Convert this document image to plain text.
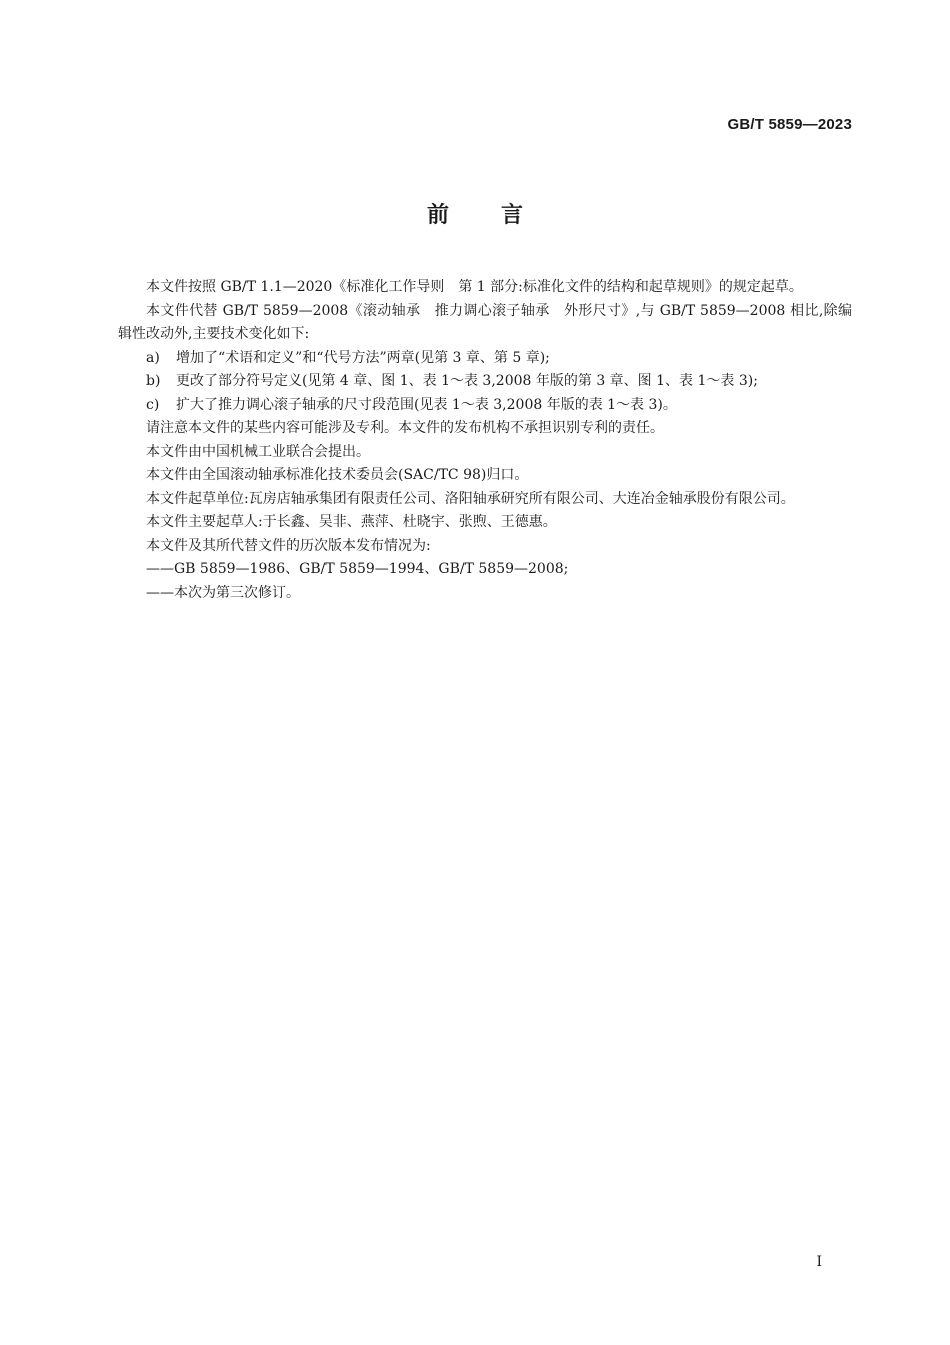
GB/T 5859—2023
前言

本文件按照 GB/T 1.1—2020《标准化工作导则　第 1 部分:标准化文件的结构和起草规则》的规定起草。

本文件代替 GB/T 5859—2008《滚动轴承　推力调心滚子轴承　外形尺寸》,与 GB/T 5859—2008 相比,除编辑性改动外,主要技术变化如下:

a) 增加了“术语和定义”和“代号方法”两章(见第 3 章、第 5 章);

b) 更改了部分符号定义(见第 4 章、图 1、表 1～表 3,2008 年版的第 3 章、图 1、表 1～表 3);

c) 扩大了推力调心滚子轴承的尺寸段范围(见表 1～表 3,2008 年版的表 1～表 3)。

请注意本文件的某些内容可能涉及专利。本文件的发布机构不承担识别专利的责任。

本文件由中国机械工业联合会提出。

本文件由全国滚动轴承标准化技术委员会(SAC/TC 98)归口。

本文件起草单位:瓦房店轴承集团有限责任公司、洛阳轴承研究所有限公司、大连冶金轴承股份有限公司。

本文件主要起草人:于长鑫、吴非、燕萍、杜晓宇、张煦、王德惠。

本文件及其所代替文件的历次版本发布情况为:

——GB 5859—1986、GB/T 5859—1994、GB/T 5859—2008;

——本次为第三次修订。

I
